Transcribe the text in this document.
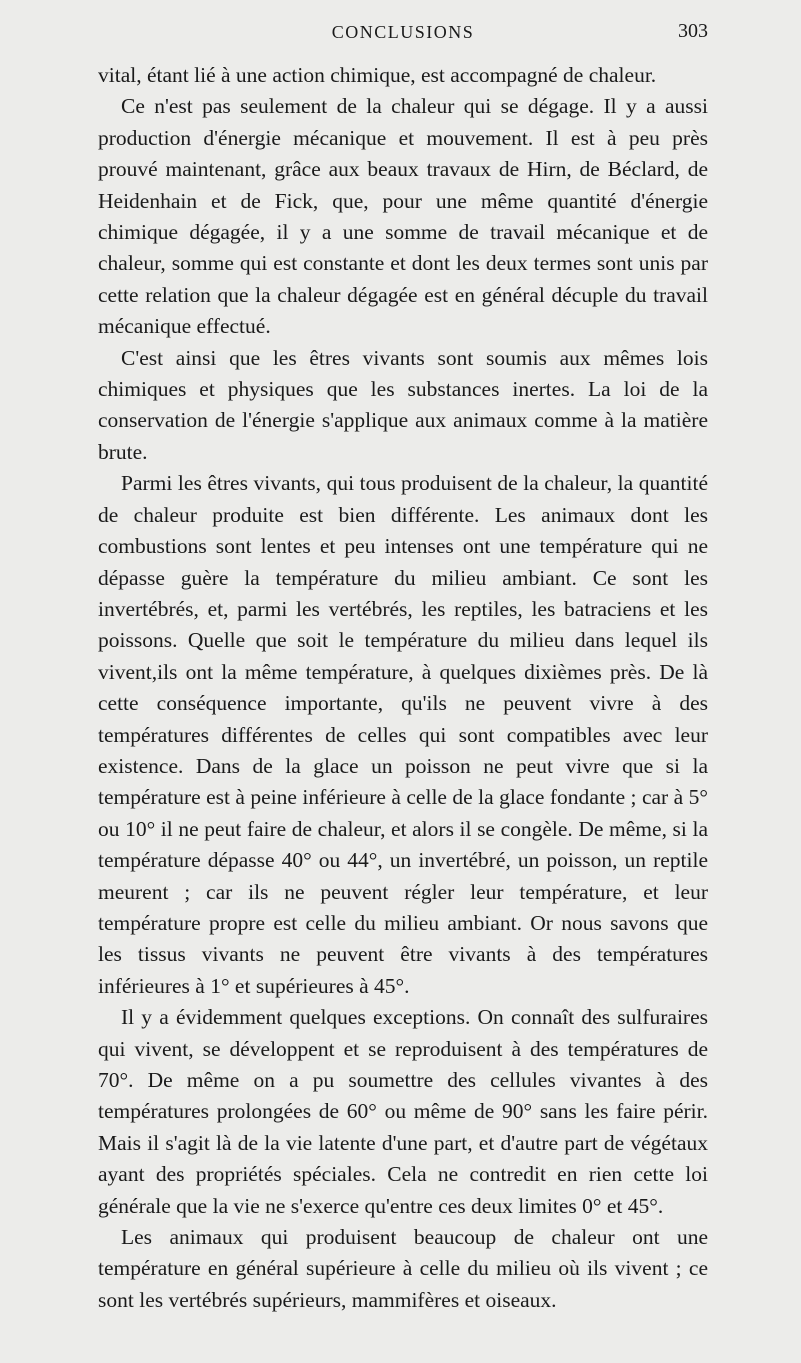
CONCLUSIONS	303

vital, étant lié à une action chimique, est accompagné de chaleur.

Ce n'est pas seulement de la chaleur qui se dégage. Il y a aussi production d'énergie mécanique et mouvement. Il est à peu près prouvé maintenant, grâce aux beaux travaux de Hirn, de Béclard, de Heidenhain et de Fick, que, pour une même quantité d'énergie chimique dégagée, il y a une somme de travail mécanique et de chaleur, somme qui est constante et dont les deux termes sont unis par cette relation que la chaleur dégagée est en général décuple du travail mécanique effectué.

C'est ainsi que les êtres vivants sont soumis aux mêmes lois chimiques et physiques que les substances inertes. La loi de la conservation de l'énergie s'applique aux animaux comme à la matière brute.

Parmi les êtres vivants, qui tous produisent de la chaleur, la quantité de chaleur produite est bien différente. Les animaux dont les combustions sont lentes et peu intenses ont une température qui ne dépasse guère la température du milieu ambiant. Ce sont les invertébrés, et, parmi les vertébrés, les reptiles, les batraciens et les poissons. Quelle que soit le température du milieu dans lequel ils vivent,ils ont la même température, à quelques dixièmes près. De là cette conséquence importante, qu'ils ne peuvent vivre à des températures différentes de celles qui sont compatibles avec leur existence. Dans de la glace un poisson ne peut vivre que si la température est à peine inférieure à celle de la glace fondante ; car à 5° ou 10° il ne peut faire de chaleur, et alors il se congèle. De même, si la température dépasse 40° ou 44°, un invertébré, un poisson, un reptile meurent ; car ils ne peuvent régler leur température, et leur température propre est celle du milieu ambiant. Or nous savons que les tissus vivants ne peuvent être vivants à des températures inférieures à 1° et supérieures à 45°.

Il y a évidemment quelques exceptions. On connaît des sulfuraires qui vivent, se développent et se reproduisent à des températures de 70°. De même on a pu soumettre des cellules vivantes à des températures prolongées de 60° ou même de 90° sans les faire périr. Mais il s'agit là de la vie latente d'une part, et d'autre part de végétaux ayant des propriétés spéciales. Cela ne contredit en rien cette loi générale que la vie ne s'exerce qu'entre ces deux limites 0° et 45°.

Les animaux qui produisent beaucoup de chaleur ont une température en général supérieure à celle du milieu où ils vivent ; ce sont les vertébrés supérieurs, mammifères et oiseaux.
